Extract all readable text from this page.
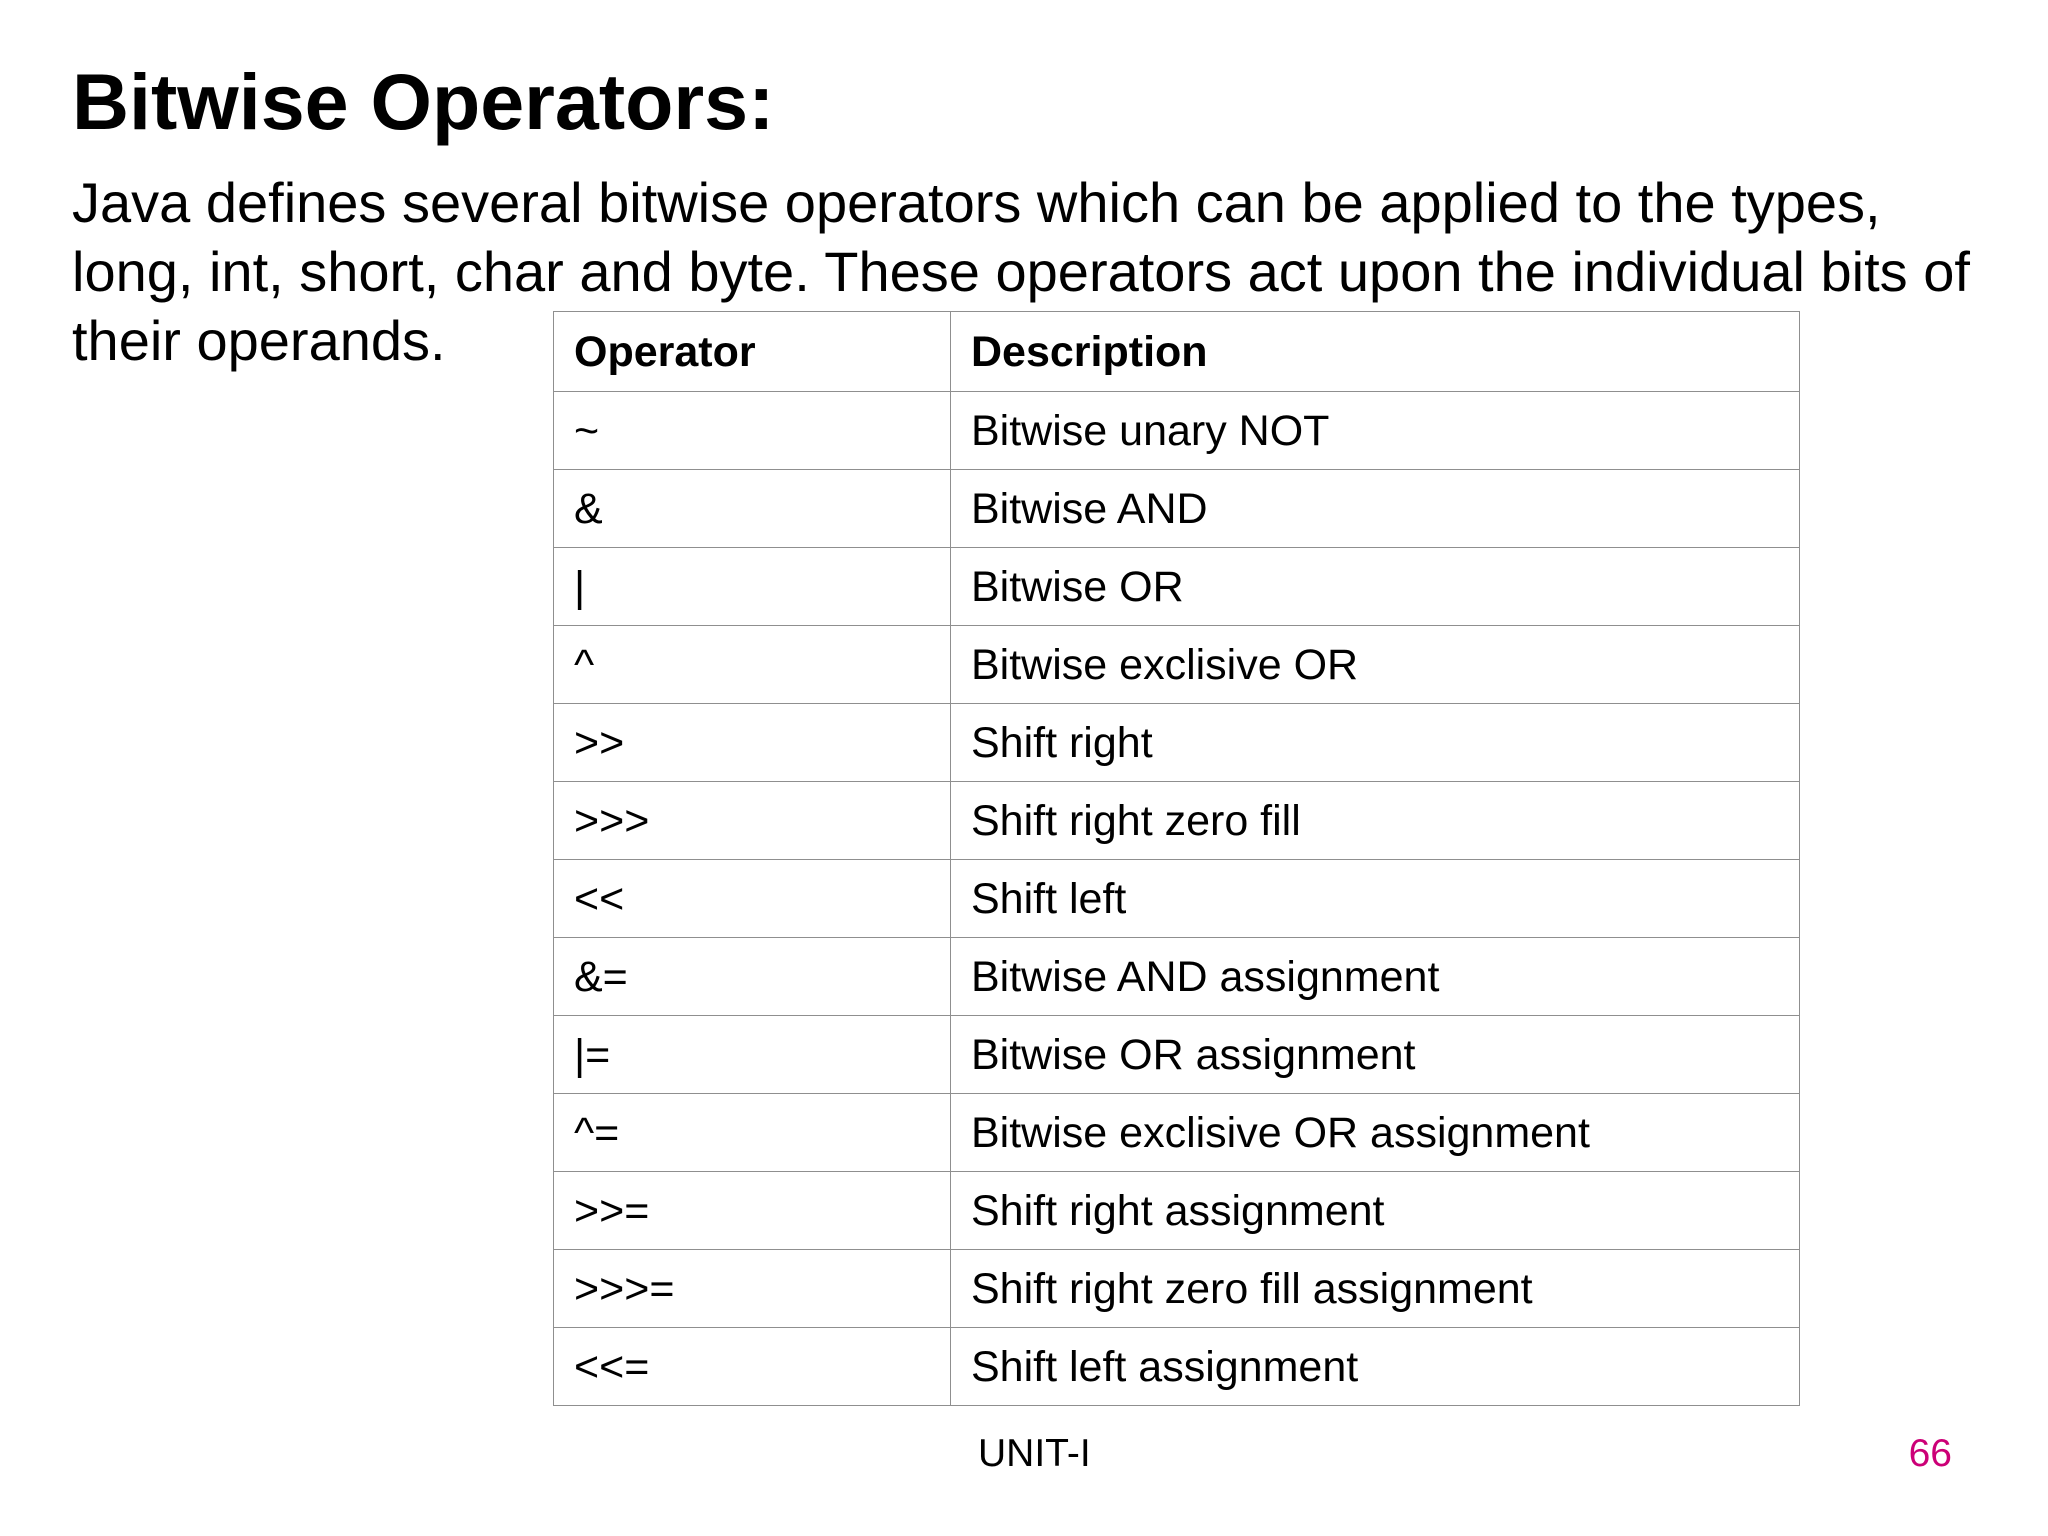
Bitwise Operators:

Java defines several bitwise operators which can be applied to the types, long, int, short, char and byte. These operators act upon the individual bits of their operands.	Operator	Description
~	Bitwise unary NOT
&	Bitwise AND
|	Bitwise OR
^	Bitwise exclisive OR
>>	Shift right
>>>	Shift right zero fill
<<	Shift left
&=	Bitwise AND assignment
|=	Bitwise OR assignment
^=	Bitwise exclisive OR assignment
>>=	Shift right assignment
>>>=	Shift right zero fill assignment
<<=	Shift left assignment
UNIT-I	66
